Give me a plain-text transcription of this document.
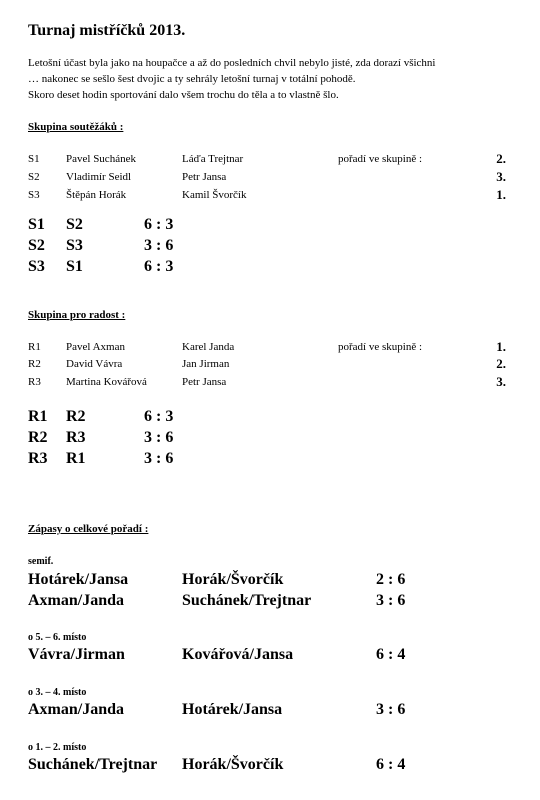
Turnaj mistříčků 2013.
Letošní účast byla jako na houpačce a až do posledních chvil nebylo jisté, zda dorazí všichni
… nakonec se sešlo šest dvojic a ty sehrály letošní turnaj v totální pohodě.
Skoro deset hodin sportování dalo všem trochu do těla a to vlastně šlo.
Skupina soutěžáků :
S1 Pavel Suchánek	Láďa Trejtnar	pořadí ve skupině :	2.
S2 Vladimír Seidl	Petr Jansa	3.
S3 Štěpán Horák	Kamil Švorčík	1.
S1 S2	6 : 3
S2 S3	3 : 6
S3 S1	6 : 3
Skupina pro radost :
R1 Pavel Axman	Karel Janda	pořadí ve skupině :	1.
R2 David Vávra	Jan Jirman	2.
R3 Martina Kovářová	Petr Jansa	3.
R1 R2	6 : 3
R2 R3	3 : 6
R3 R1	3 : 6
Zápasy o celkové pořadí :
semif.
Hotárek/Jansa	Horák/Švorčík	2 : 6
Axman/Janda	Suchánek/Trejtnar	3 : 6
o 5. – 6. místo
Vávra/Jirman	Kovářová/Jansa	6 : 4
o 3. – 4. místo
Axman/Janda	Hotárek/Jansa	3 : 6
o 1. – 2. místo
Suchánek/Trejtnar Horák/Švorčík	6 : 4
